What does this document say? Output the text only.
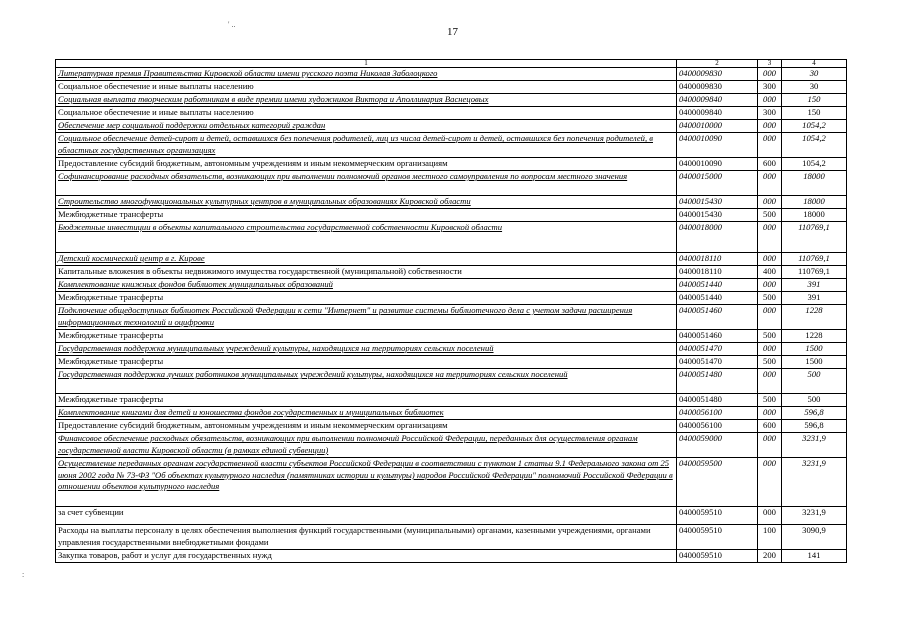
17
' ..
:
1	2	3	4
Литературная премия Правительства Кировской области имени русского поэта Николая Заболоцкого	0400009830	000	30
Социальное обеспечение и иные выплаты населению	0400009830	300	30
Социальная выплата творческим работникам в виде премии имени художников Виктора и Аполлинария Васнецовых	0400009840	000	150
Социальное обеспечение и иные выплаты населению	0400009840	300	150
Обеспечение мер социальной поддержки отдельных категорий граждан	0400010000	000	1054,2
Социальное обеспечение детей-сирот и детей, оставшихся без попечения родителей, лиц из числа детей-сирот и детей, оставшихся без попечения родителей, в областных государственных организациях	0400010090	000	1054,2
Предоставление субсидий бюджетным, автономным учреждениям и иным некоммерческим организациям	0400010090	600	1054,2
Софинансирование расходных обязательств, возникающих при выполнении полномочий органов местного самоуправления по вопросам местного значения	0400015000	000	18000
Строительство многофункциональных культурных центров в муниципальных образованиях Кировской области	0400015430	000	18000
Межбюджетные трансферты	0400015430	500	18000
Бюджетные инвестиции в объекты капитального строительства государственной собственности Кировской области	0400018000	000	110769,1
Детский космический центр в г. Кирове	0400018110	000	110769,1
Капитальные вложения в объекты недвижимого имущества государственной (муниципальной) собственности	0400018110	400	110769,1
Комплектование книжных фондов библиотек муниципальных образований	0400051440	000	391
Межбюджетные трансферты	0400051440	500	391
Подключение общедоступных библиотек Российской Федерации к сети "Интернет" и развитие системы библиотечного дела с учетом задачи расширения информационных технологий и оцифровки	0400051460	000	1228
Межбюджетные трансферты	0400051460	500	1228
Государственная поддержка муниципальных учреждений культуры, находящихся на территориях сельских поселений	0400051470	000	1500
Межбюджетные трансферты	0400051470	500	1500
Государственная поддержка лучших работников муниципальных учреждений культуры, находящихся на территориях сельских поселений	0400051480	000	500
Межбюджетные трансферты	0400051480	500	500
Комплектование книгами для детей и юношества фондов государственных и муниципальных библиотек	0400056100	000	596,8
Предоставление субсидий бюджетным, автономным учреждениям и иным некоммерческим организациям	0400056100	600	596,8
Финансовое обеспечение расходных обязательств, возникающих при выполнении полномочий Российской Федерации, переданных для осуществления органам государственной власти Кировской области (в рамках единой субвенции)	0400059000	000	3231,9
Осуществление переданных органам государственной власти субъектов Российской Федерации в соответствии с пунктом 1 статьи 9.1 Федерального закона от 25 июня 2002 года № 73-ФЗ "Об объектах культурного наследия (памятниках истории и культуры) народов Российской Федерации" полномочий Российской Федерации в отношении объектов культурного наследия	0400059500	000	3231,9
за счет субвенции	0400059510	000	3231,9
Расходы на выплаты персоналу в целях обеспечения выполнения функций государственными (муниципальными) органами, казенными учреждениями, органами управления государственными внебюджетными фондами	0400059510	100	3090,9
Закупка товаров, работ и услуг для государственных нужд	0400059510	200	141
